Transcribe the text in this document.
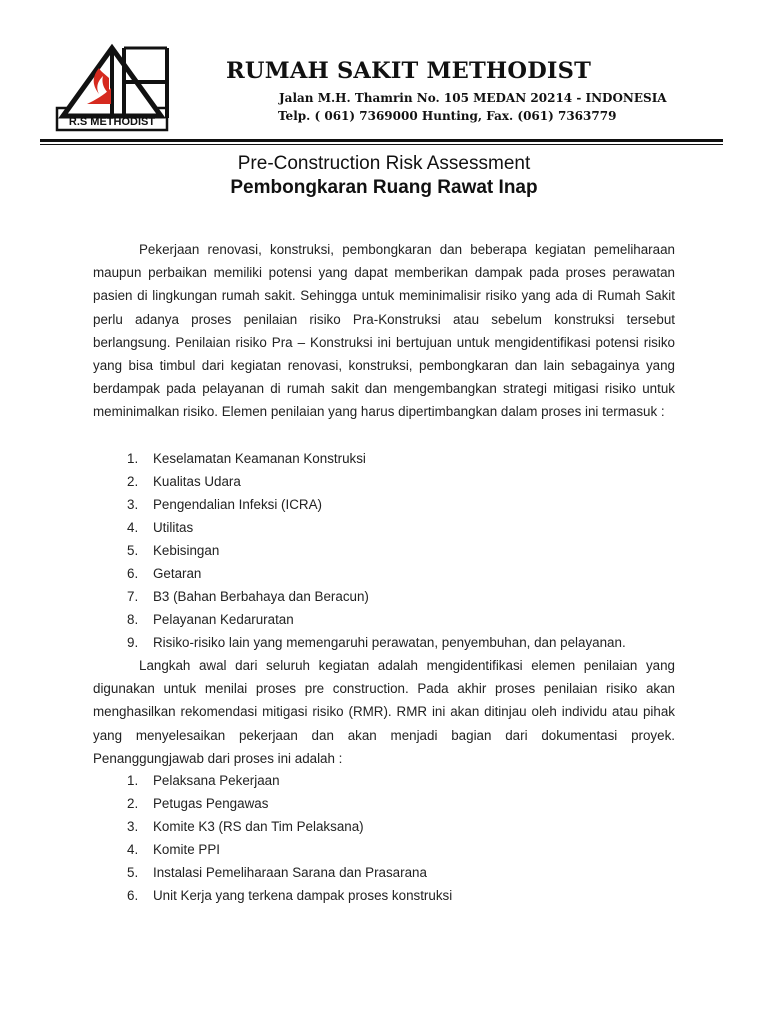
R.S METHODIST
RUMAH SAKIT METHODIST
Jalan M.H. Thamrin No. 105 MEDAN 20214 - INDONESIA
Telp. ( 061) 7369000 Hunting, Fax. (061) 7363779
Pre-Construction Risk Assessment
Pembongkaran Ruang Rawat Inap

Pekerjaan renovasi, konstruksi, pembongkaran dan beberapa kegiatan pemeliharaan maupun perbaikan memiliki potensi yang dapat memberikan dampak pada proses perawatan pasien di lingkungan rumah sakit. Sehingga untuk meminimalisir risiko yang ada di Rumah Sakit perlu adanya proses penilaian risiko Pra-Konstruksi atau sebelum konstruksi tersebut berlangsung. Penilaian risiko Pra – Konstruksi ini bertujuan untuk mengidentifikasi potensi risiko yang bisa timbul dari kegiatan renovasi, konstruksi, pembongkaran dan lain sebagainya yang berdampak pada pelayanan di rumah sakit dan mengembangkan strategi mitigasi risiko untuk meminimalkan risiko. Elemen penilaian yang harus dipertimbangkan dalam proses ini termasuk :

1.	Keselamatan Keamanan Konstruksi
2.	Kualitas Udara
3.	Pengendalian Infeksi (ICRA)
4.	Utilitas
5.	Kebisingan
6.	Getaran
7.	B3 (Bahan Berbahaya dan Beracun)
8.	Pelayanan Kedaruratan
9.	Risiko-risiko lain yang memengaruhi perawatan, penyembuhan, dan pelayanan.

Langkah awal dari seluruh kegiatan adalah mengidentifikasi elemen penilaian yang digunakan untuk menilai proses pre construction. Pada akhir proses penilaian risiko akan menghasilkan rekomendasi mitigasi risiko (RMR). RMR ini akan ditinjau oleh individu atau pihak yang menyelesaikan pekerjaan dan akan menjadi bagian dari dokumentasi proyek. Penanggungjawab dari proses ini adalah :

1.	Pelaksana Pekerjaan
2.	Petugas Pengawas
3.	Komite K3 (RS dan Tim Pelaksana)
4.	Komite PPI
5.	Instalasi Pemeliharaan Sarana dan Prasarana
6.	Unit Kerja yang terkena dampak proses konstruksi
